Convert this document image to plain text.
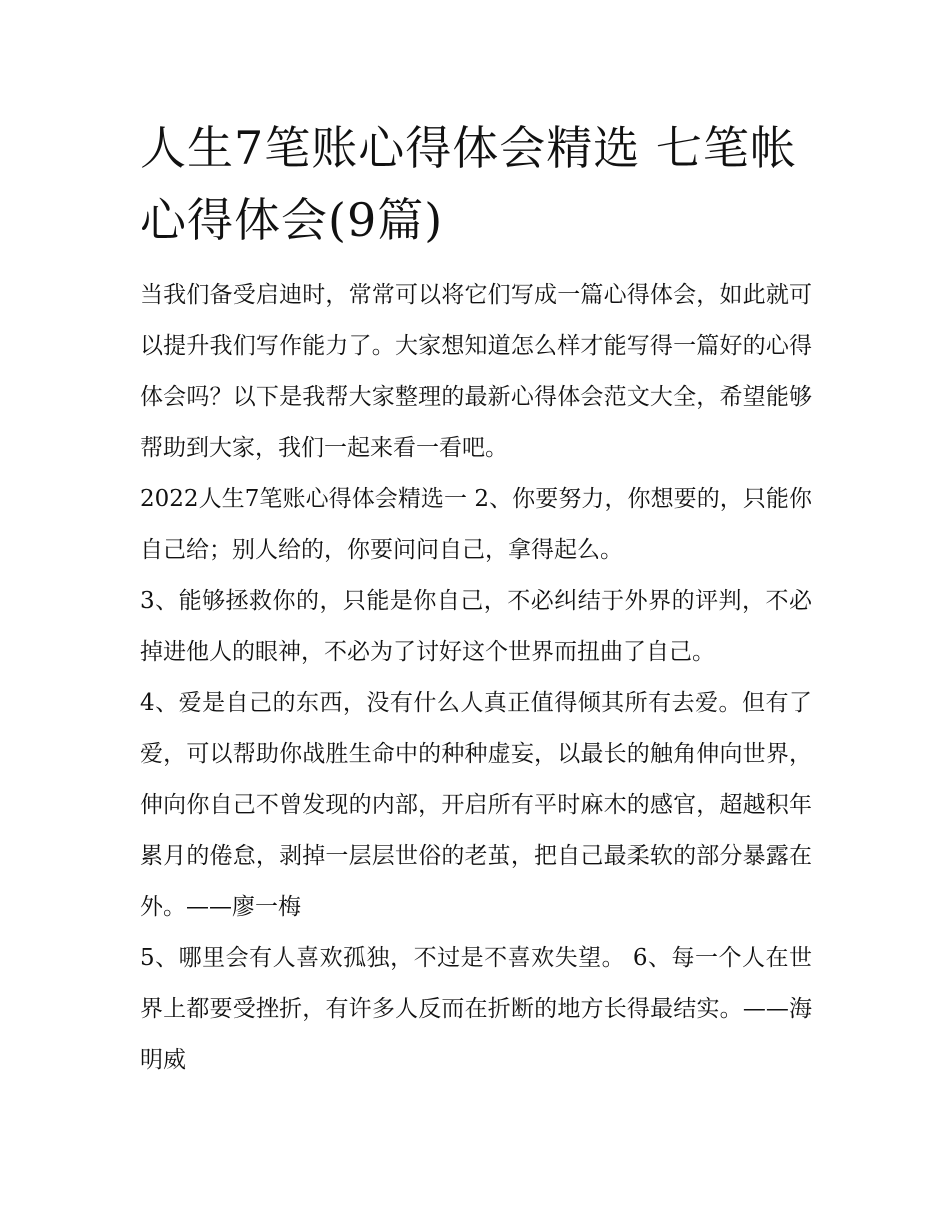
人生7笔账心得体会精选 七笔帐心得体会(9篇)

当我们备受启迪时，常常可以将它们写成一篇心得体会，如此就可以提升我们写作能力了。大家想知道怎么样才能写得一篇好的心得体会吗？以下是我帮大家整理的最新心得体会范文大全，希望能够帮助到大家，我们一起来看一看吧。

2022人生7笔账心得体会精选一 2、你要努力，你想要的，只能你自己给；别人给的，你要问问自己，拿得起么。

3、能够拯救你的，只能是你自己，不必纠结于外界的评判，不必掉进他人的眼神，不必为了讨好这个世界而扭曲了自己。

4、爱是自己的东西，没有什么人真正值得倾其所有去爱。但有了爱，可以帮助你战胜生命中的种种虚妄，以最长的触角伸向世界，伸向你自己不曾发现的内部，开启所有平时麻木的感官，超越积年累月的倦怠，剥掉一层层世俗的老茧，把自己最柔软的部分暴露在外。——廖一梅

5、哪里会有人喜欢孤独，不过是不喜欢失望。 6、每一个人在世界上都要受挫折，有许多人反而在折断的地方长得最结实。——海明威
